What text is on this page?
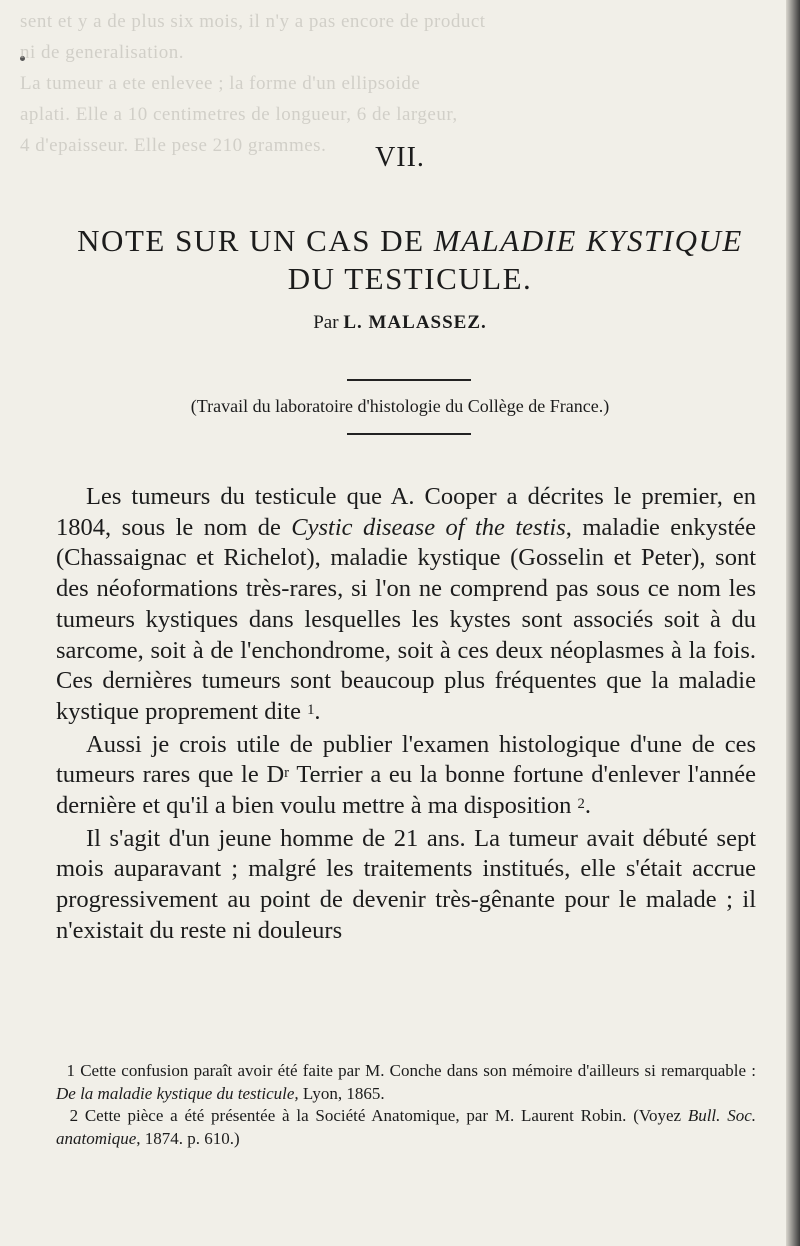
sent et y a de plus six mois, il n'y a pas encore de product
ni de generalisation.
La tumeur a ete enlevee ; la forme d'un ellipsoide
aplati. Elle a 10 centimetres de longueur, 6 de largeur,
4 d'epaisseur. Elle pese 210 grammes.	VII.
NOTE SUR UN CAS DE MALADIE KYSTIQUE
DU TESTICULE.
Par L. MALASSEZ.
(Travail du laboratoire d'histologie du Collège de France.)

Les tumeurs du testicule que A. Cooper a décrites le premier, en 1804, sous le nom de Cystic disease of the testis, maladie enkystée (Chassaignac et Richelot), maladie kystique (Gosselin et Peter), sont des néoformations très-rares, si l'on ne comprend pas sous ce nom les tumeurs kystiques dans lesquelles les kystes sont associés soit à du sarcome, soit à de l'enchondrome, soit à ces deux néoplasmes à la fois. Ces dernières tumeurs sont beaucoup plus fréquentes que la maladie kystique proprement dite $^1$.

Aussi je crois utile de publier l'examen histologique d'une de ces tumeurs rares que le $D^r$ Terrier a eu la bonne fortune d'enlever l'année dernière et qu'il a bien voulu mettre à ma disposition $^2$.

Il s'agit d'un jeune homme de 21 ans. La tumeur avait débuté sept mois auparavant ; malgré les traitements institués, elle s'était accrue progressivement au point de devenir très-gênante pour le malade ; il n'existait du reste ni douleurs

1 Cette confusion paraît avoir été faite par M. Conche dans son mémoire d'ailleurs si remarquable : De la maladie kystique du testicule, Lyon, 1865.

2 Cette pièce a été présentée à la Société Anatomique, par M. Laurent Robin. (Voyez Bull. Soc. anatomique, 1874. p. 610.)
